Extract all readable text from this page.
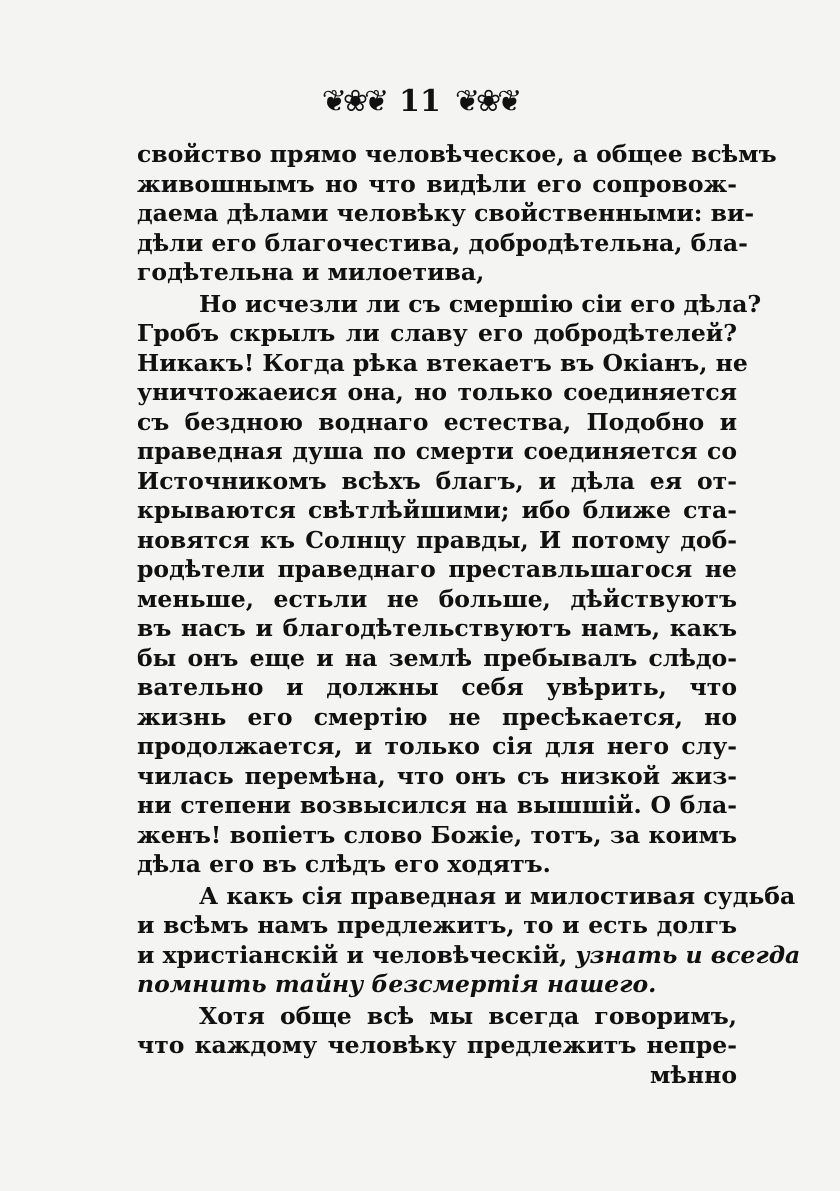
❦❀❦ 11 ❦❀❦
свойство прямо человѣческое, а общее всѣмъ
живошнымъ но что видѣли его сопровож-
даема дѣлами человѣку свойственными: ви-
дѣли его благочестива, добродѣтельна, бла-
годѣтельна и милоетива,
Но исчезли ли съ смершію сіи его дѣла?
Гробъ скрылъ ли славу его добродѣтелей?
Никакъ! Когда рѣка втекаетъ въ Окіанъ, не
уничтожаеися она, но только соединяется
съ бездною воднаго естества, Подобно и
праведная душа по смерти соединяется со
Источникомъ всѣхъ благъ, и дѣла ея от-
крываются свѣтлѣйшими; ибо ближе ста-
новятся къ Солнцу правды, И потому доб-
родѣтели праведнаго преставльшагося не
меньше, естьли не больше, дѣйствуютъ
въ насъ и благодѣтельствуютъ намъ, какъ
бы онъ еще и на землѣ пребывалъ слѣдо-
вательно и должны себя увѣрить, что
жизнь его смертію не пресѣкается, но
продолжается, и только сія для него слу-
чилась перемѣна, что онъ съ низкой жиз-
ни степени возвысился на вышшій. О бла-
женъ! вопіетъ слово Божіе, тотъ, за коимъ
дѣла его въ слѣдъ его ходятъ.
А какъ сія праведная и милостивая судьба
и всѣмъ намъ предлежитъ, то и есть долгъ
и христіанскій и человѣческій, узнать и всегда
помнить тайну безсмертія нашего.
Хотя обще всѣ мы всегда говоримъ,
что каждому человѣку предлежитъ непре-
мѣнно
